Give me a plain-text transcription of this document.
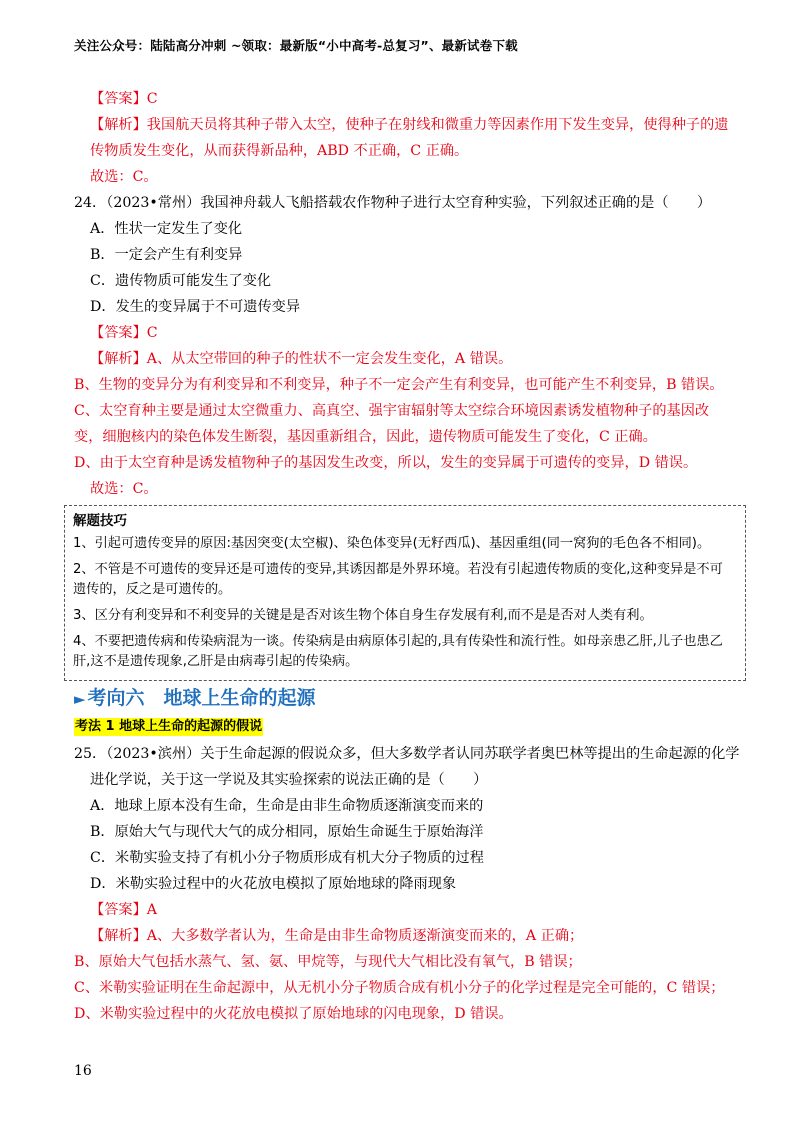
关注公众号：陆陆高分冲刺 ~领取：最新版“小中高考-总复习”、最新试卷下载
【答案】C
【解析】我国航天员将其种子带入太空，使种子在射线和微重力等因素作用下发生变异，使得种子的遗
传物质发生变化，从而获得新品种，ABD 不正确，C 正确。
故选：C。
24．（2023•常州）我国神舟载人飞船搭载农作物种子进行太空育种实验，下列叙述正确的是（　　）
A．性状一定发生了变化
B．一定会产生有利变异
C．遗传物质可能发生了变化
D．发生的变异属于不可遗传变异
【答案】C
【解析】A、从太空带回的种子的性状不一定会发生变化，A 错误。
B、生物的变异分为有利变异和不利变异，种子不一定会产生有利变异，也可能产生不利变异，B 错误。
C、太空育种主要是通过太空微重力、高真空、强宇宙辐射等太空综合环境因素诱发植物种子的基因改
变，细胞核内的染色体发生断裂，基因重新组合，因此，遗传物质可能发生了变化，C 正确。
D、由于太空育种是诱发植物种子的基因发生改变，所以，发生的变异属于可遗传的变异，D 错误。
故选：C。
解题技巧
1、引起可遗传变异的原因:基因突变(太空椒)、染色体变异(无籽西瓜)、基因重组(同一窝狗的毛色各不相同)。
2、不管是不可遗传的变异还是可遗传的变异,其诱因都是外界环境。若没有引起遗传物质的变化,这种变异是不可遗传的，反之是可遗传的。
3、区分有利变异和不利变异的关键是是否对该生物个体自身生存发展有利,而不是是否对人类有利。
4、不要把遗传病和传染病混为一谈。传染病是由病原体引起的,具有传染性和流行性。如母亲患乙肝,儿子也患乙肝,这不是遗传现象,乙肝是由病毒引起的传染病。
► 考向六　地球上生命的起源
考法 1 地球上生命的起源的假说
25．（2023•滨州）关于生命起源的假说众多，但大多数学者认同苏联学者奥巴林等提出的生命起源的化学
进化学说，关于这一学说及其实验探索的说法正确的是（　　）
A．地球上原本没有生命，生命是由非生命物质逐渐演变而来的
B．原始大气与现代大气的成分相同，原始生命诞生于原始海洋
C．米勒实验支持了有机小分子物质形成有机大分子物质的过程
D．米勒实验过程中的火花放电模拟了原始地球的降雨现象
【答案】A
【解析】A、大多数学者认为，生命是由非生命物质逐渐演变而来的，A 正确；
B、原始大气包括水蒸气、氢、氨、甲烷等，与现代大气相比没有氧气，B 错误；
C、米勒实验证明在生命起源中，从无机小分子物质合成有机小分子的化学过程是完全可能的，C 错误；
D、米勒实验过程中的火花放电模拟了原始地球的闪电现象，D 错误。
16
